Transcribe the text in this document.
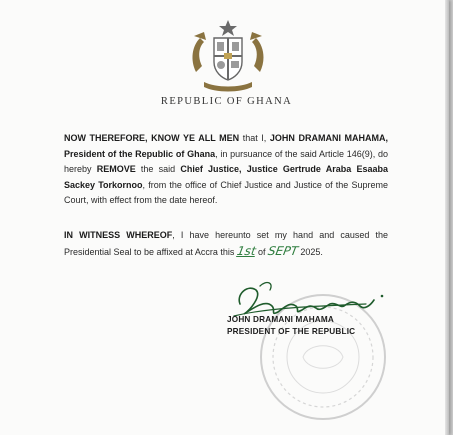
REPUBLIC OF GHANA
NOW THEREFORE, KNOW YE ALL MEN that I, JOHN DRAMANI MAHAMA, President of the Republic of Ghana, in pursuance of the said Article 146(9), do hereby REMOVE the said Chief Justice, Justice Gertrude Araba Esaaba Sackey Torkornoo, from the office of Chief Justice and Justice of the Supreme Court, with effect from the date hereof.
IN WITNESS WHEREOF, I have hereunto set my hand and caused the Presidential Seal to be affixed at Accra this 1st of SEPT 2025.
JOHN DRAMANI MAHAMA
PRESIDENT OF THE REPUBLIC
